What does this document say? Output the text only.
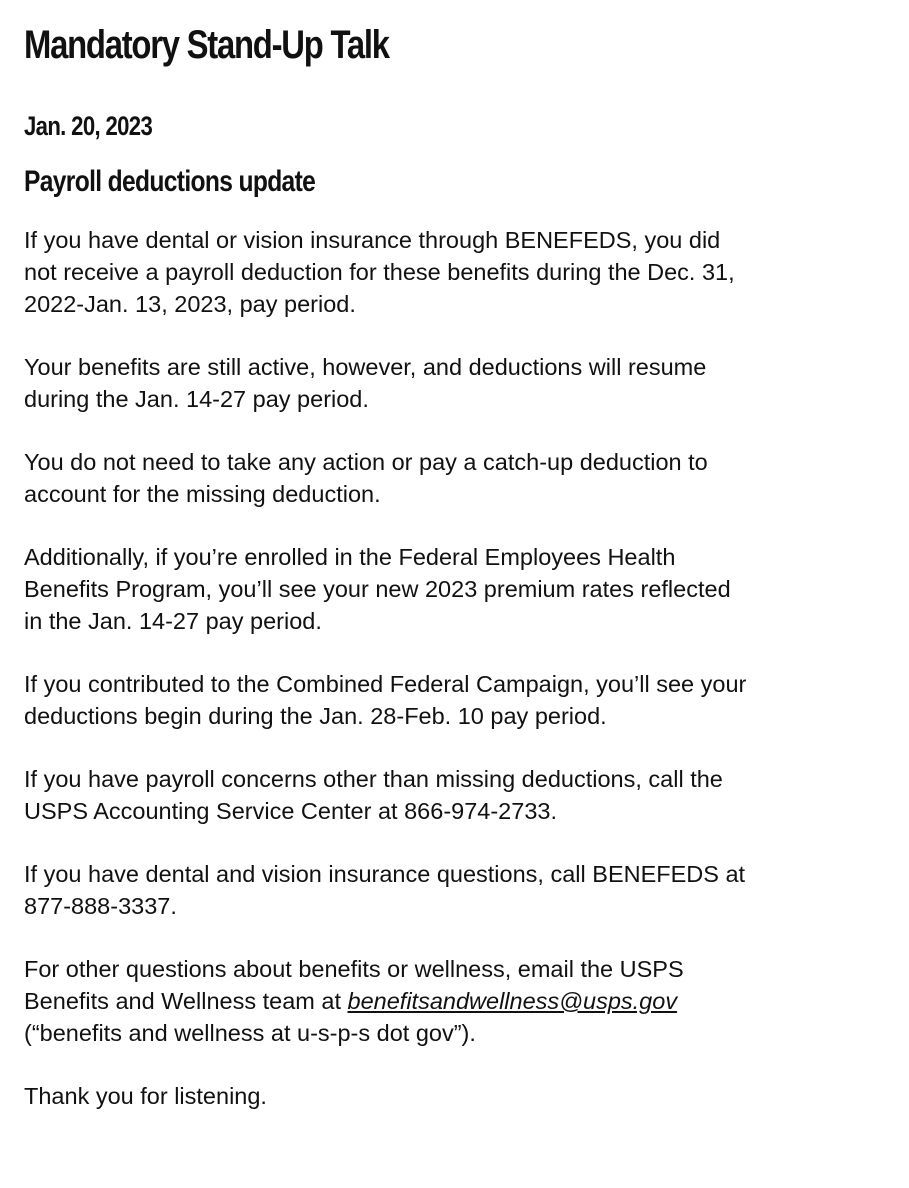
Mandatory Stand-Up Talk
Jan. 20, 2023
Payroll deductions update
If you have dental or vision insurance through BENEFEDS, you did
not receive a payroll deduction for these benefits during the Dec. 31,
2022-Jan. 13, 2023, pay period.
Your benefits are still active, however, and deductions will resume
during the Jan. 14-27 pay period.
You do not need to take any action or pay a catch-up deduction to
account for the missing deduction.
Additionally, if you’re enrolled in the Federal Employees Health
Benefits Program, you’ll see your new 2023 premium rates reflected
in the Jan. 14-27 pay period.
If you contributed to the Combined Federal Campaign, you’ll see your
deductions begin during the Jan. 28-Feb. 10 pay period.
If you have payroll concerns other than missing deductions, call the
USPS Accounting Service Center at 866-974-2733.
If you have dental and vision insurance questions, call BENEFEDS at
877-888-3337.
For other questions about benefits or wellness, email the USPS
Benefits and Wellness team at benefitsandwellness@usps.gov
(“benefits and wellness at u-s-p-s dot gov”).
Thank you for listening.
